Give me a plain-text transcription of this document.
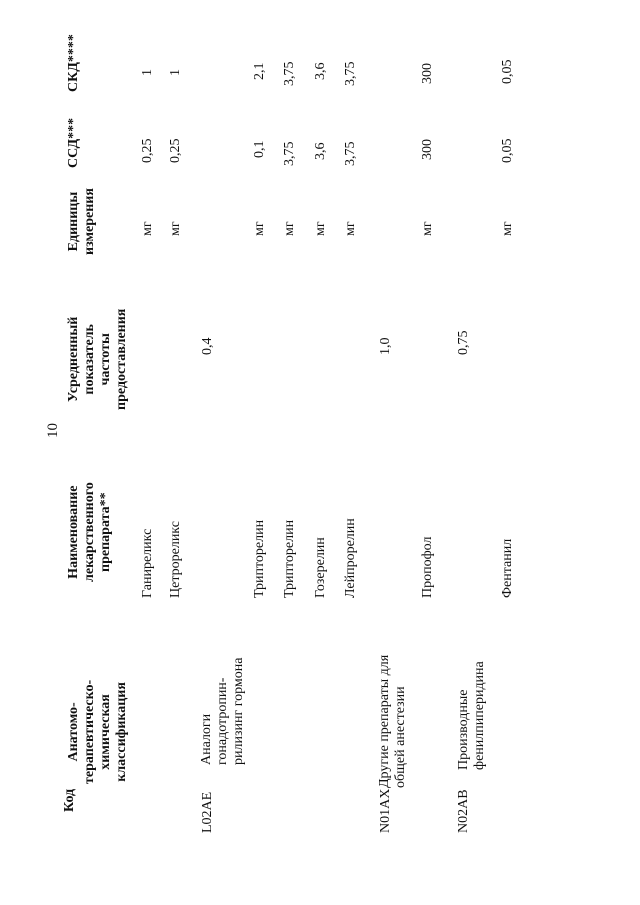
10
Код
Анатомо-
терапевтическо-
химическая
классификация
Наименование
лекарственного
препарата**
Усредненный
показатель
частоты
предоставления
Единицы
измерения
ССД***
СКД****
L02AE
Аналоги
гонадотропин-
рилизинг гормона
0,4
N01AX
Другие препараты для
общей анестезии
1,0
N02AB
Производные
фенилпиперидина
0,75
Ганиреликс
мг
0,25
1
Цетрореликс
мг
0,25
1
Трипторелин
мг
0,1
2,1
Трипторелин
мг
3,75
3,75
Гозерелин
мг
3,6
3,6
Лейпрорелин
мг
3,75
3,75
Пропофол
мг
300
300
Фентанил
мг
0,05
0,05
